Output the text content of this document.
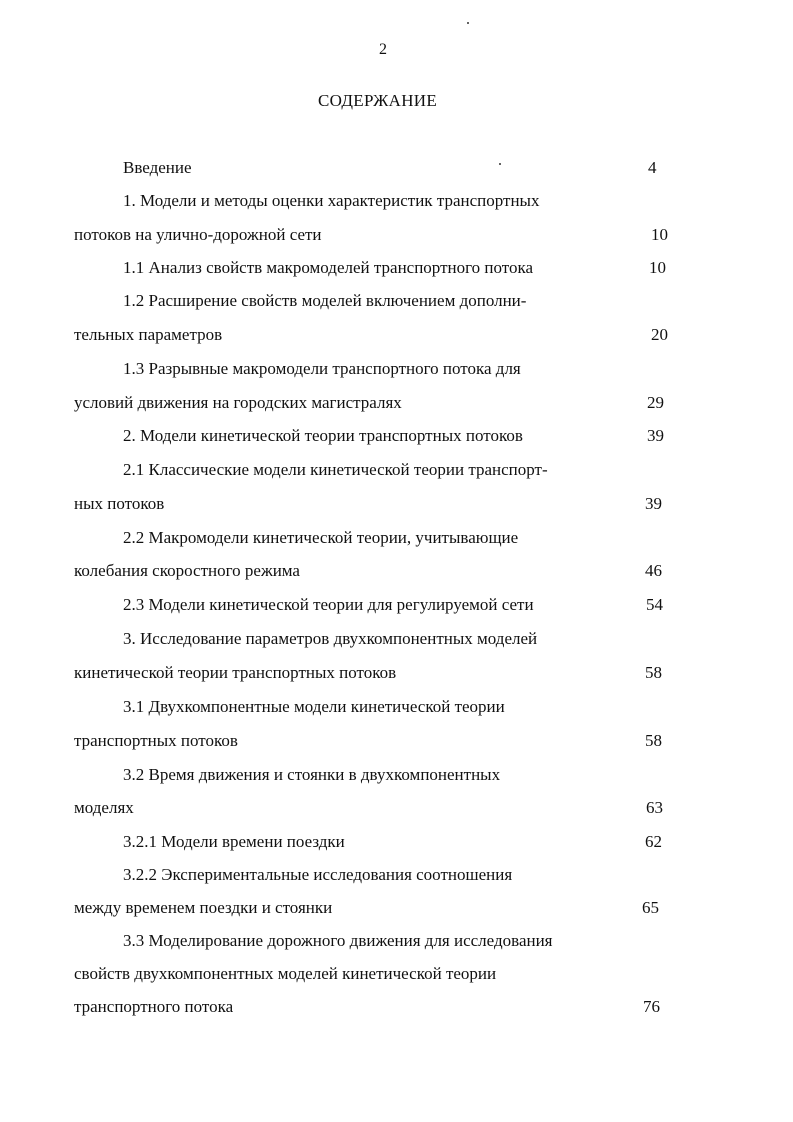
2
СОДЕРЖАНИЕ
Введение	4
1. Модели и методы оценки характеристик транспортных
потоков на улично-дорожной сети	10
1.1 Анализ свойств макромоделей транспортного потока	10
1.2 Расширение свойств моделей включением дополни-
тельных параметров	20
1.3 Разрывные макромодели транспортного потока для
условий движения на городских магистралях	29
2. Модели кинетической теории транспортных потоков	39
2.1 Классические модели кинетической теории транспорт-
ных потоков	39
2.2 Макромодели кинетической теории, учитывающие
колебания скоростного режима	46
2.3 Модели кинетической теории для регулируемой сети	54
3. Исследование параметров двухкомпонентных моделей
кинетической теории транспортных потоков	58
3.1 Двухкомпонентные модели кинетической теории
транспортных потоков	58
3.2 Время движения и стоянки в двухкомпонентных
моделях	63
3.2.1 Модели времени поездки	62
3.2.2 Экспериментальные исследования соотношения
между временем поездки и стоянки	65
3.3 Моделирование дорожного движения для исследования
свойств двухкомпонентных моделей кинетической теории
транспортного потока	76
